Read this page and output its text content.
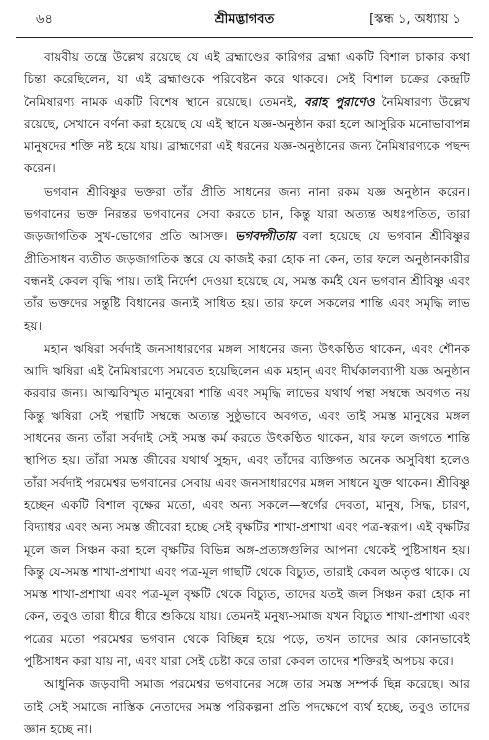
৬৪	শ্রীমদ্ভাগবত	[স্কন্ধ ১, অধ্যায় ১

বায়বীয় তন্ত্রে উল্লেখ রয়েছে যে এই ব্রহ্মাণ্ডের কারিগর ব্রহ্মা একটি বিশাল চাকার কথা চিন্তা করেছিলেন, যা এই ব্রহ্মাণ্ডকে পরিবেষ্টন করে থাকবে। সেই বিশাল চক্রের কেন্দ্রটি নৈমিষারণ্য নামক একটি বিশেষ স্থানে রয়েছে। তেমনই, বরাহ পুরাণেও নৈমিষারণ্য উল্লেখ রয়েছে, সেখানে বর্ণনা করা হয়েছে যে এই স্থানে যজ্ঞ-অনুষ্ঠান করা হলে আসুরিক মনোভাবাপন্ন মানুষদের শক্তি নষ্ট হয়ে যায়। ব্রাহ্মণেরা এই ধরনের যজ্ঞ-অনুষ্ঠানের জন্য নৈমিষারণ্যকে পছন্দ করেন।

ভগবান শ্রীবিষ্ণুর ভক্তরা তাঁর প্রীতি সাধনের জন্য নানা রকম যজ্ঞ অনুষ্ঠান করেন। ভগবানের ভক্ত নিরন্তর ভগবানের সেবা করতে চান, কিন্তু যারা অত্যন্ত অধঃপতিত, তারা জড়জাগতিক সুখ-ভোগের প্রতি আসক্ত। ভগবদ্গীতায় বলা হয়েছে যে ভগবান শ্রীবিষ্ণুর প্রীতিসাধন ব্যতীত জড়জাগতিক স্তরে যে কাজই করা হোক না কেন, তার ফলে অনুষ্ঠানকারীর বন্ধনই কেবল বৃদ্ধি পায়। তাই নির্দেশ দেওয়া হয়েছে যে, সমস্ত কর্মই যেন ভগবান শ্রীবিষ্ণু এবং তাঁর ভক্তদের সন্তুষ্টি বিধানের জন্যই সাধিত হয়। তার ফলে সকলের শান্তি এবং সমৃদ্ধি লাভ হয়।

মহান ঋষিরা সর্বদাই জনসাধারণের মঙ্গল সাধনের জন্য উৎকণ্ঠিত থাকেন, এবং শৌনক আদি ঋষিরা এই নৈমিষারণ্যে সমবেত হয়েছিলেন এক মহান্ এবং দীর্ঘকালব্যাপী যজ্ঞ অনুষ্ঠান করবার জন্য। আত্মবিস্মৃত মানুষেরা শান্তি এবং সমৃদ্ধি লাভের যথার্থ পন্থা সম্বন্ধে অবগত নয় কিন্তু ঋষিরা সেই পন্থাটি সম্বন্ধে অত্যন্ত সুষ্ঠুভাবে অবগত, এবং তাই সমস্ত মানুষের মঙ্গল সাধনের জন্য তাঁরা সর্বদাই সেই সমস্ত কর্ম করতে উৎকণ্ঠিত থাকেন, যার ফলে জগতে শান্তি স্থাপিত হয়। তাঁরা সমস্ত জীবের যথার্থ সুহৃদ, এবং তাঁদের ব্যক্তিগত অনেক অসুবিধা হলেও তাঁরা সর্বদাই পরমেশ্বর ভগবানের সেবায় এবং জনসাধারণের মঙ্গল সাধনে যুক্ত থাকেন। শ্রীবিষ্ণু হচ্ছেন একটি বিশাল বৃক্ষের মতো, এবং অন্য সকলে—স্বর্গের দেবতা, মানুষ, সিদ্ধ, চারণ, বিদ্যাধর এবং অন্য সমস্ত জীবেরা হচ্ছে সেই বৃক্ষটির শাখা-প্রশাখা এবং পত্র-স্বরূপ। এই বৃক্ষটির মূলে জল সিঞ্চন করা হলে বৃক্ষটির বিভিন্ন অঙ্গ-প্রত্যঙ্গগুলির আপনা থেকেই পুষ্টিসাধন হয়। কিন্তু যে-সমস্ত শাখা-প্রশাখা এবং পত্র-মূল গাছটি থেকে বিচ্যুত, তারাই কেবল অতৃপ্ত থাকে। যে সমস্ত শাখা-প্রশাখা এবং পত্র-মূল বৃক্ষটি থেকে বিচ্যুত, তাদের যতই জল সিঞ্চন করা হোক না কেন, তবুও তারা ধীরে ধীরে শুকিয়ে যায়। তেমনই মনুষ্য-সমাজ যখন বিচ্যুত শাখা-প্রশাখা এবং পত্রের মতো পরমেশ্বর ভগবান থেকে বিচ্ছিন্ন হয়ে পড়ে, তখন তাদের আর কোনভাবেই পুষ্টিসাধন করা যায় না, এবং যারা সেই চেষ্টা করে তারা কেবল তাদের শক্তিরই অপচয় করে।

আধুনিক জড়বাদী সমাজ পরমেশ্বর ভগবানের সঙ্গে তার সমস্ত সম্পর্ক ছিন্ন করেছে। আর তাই সেই সমাজে নাস্তিক নেতাদের সমস্ত পরিকল্পনা প্রতি পদক্ষেপে ব্যর্থ হচ্ছে, তবুও তাদের জ্ঞান হচ্ছে না।
